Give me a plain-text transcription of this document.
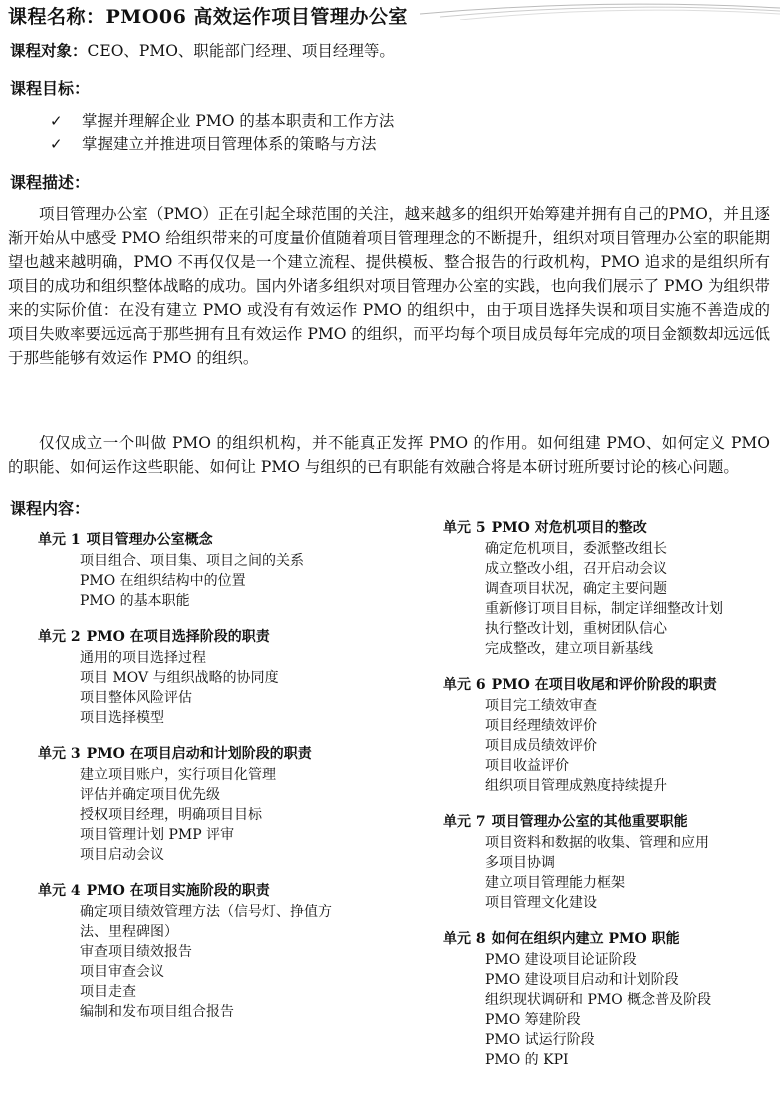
课程名称：PMO06 高效运作项目管理办公室
课程对象：CEO、PMO、职能部门经理、项目经理等。
课程目标：
✓	掌握并理解企业 PMO 的基本职责和工作方法
✓	掌握建立并推进项目管理体系的策略与方法
课程描述：

项目管理办公室（PMO）正在引起全球范围的关注，越来越多的组织开始筹建并拥有自己的PMO，并且逐渐开始从中感受 PMO 给组织带来的可度量价值随着项目管理理念的不断提升，组织对项目管理办公室的职能期望也越来越明确，PMO 不再仅仅是一个建立流程、提供模板、整合报告的行政机构，PMO 追求的是组织所有项目的成功和组织整体战略的成功。国内外诸多组织对项目管理办公室的实践，也向我们展示了 PMO 为组织带来的实际价值：在没有建立 PMO 或没有有效运作 PMO 的组织中，由于项目选择失误和项目实施不善造成的项目失败率要远远高于那些拥有且有效运作 PMO 的组织，而平均每个项目成员每年完成的项目金额数却远远低于那些能够有效运作 PMO 的组织。

仅仅成立一个叫做 PMO 的组织机构，并不能真正发挥 PMO 的作用。如何组建 PMO、如何定义 PMO 的职能、如何运作这些职能、如何让 PMO 与组织的已有职能有效融合将是本研讨班所要讨论的核心问题。

课程内容：
单元 1 项目管理办公室概念
项目组合、项目集、项目之间的关系
PMO 在组织结构中的位置
PMO 的基本职能
单元 2 PMO 在项目选择阶段的职责
通用的项目选择过程
项目 MOV 与组织战略的协同度
项目整体风险评估
项目选择模型
单元 3 PMO 在项目启动和计划阶段的职责
建立项目账户，实行项目化管理
评估并确定项目优先级
授权项目经理，明确项目目标
项目管理计划 PMP 评审
项目启动会议
单元 4 PMO 在项目实施阶段的职责
确定项目绩效管理方法（信号灯、挣值方法、里程碑图）
审查项目绩效报告
项目审查会议
项目走查
编制和发布项目组合报告
单元 5 PMO 对危机项目的整改
确定危机项目，委派整改组长
成立整改小组，召开启动会议
调查项目状况，确定主要问题
重新修订项目目标，制定详细整改计划
执行整改计划，重树团队信心
完成整改，建立项目新基线
单元 6 PMO 在项目收尾和评价阶段的职责
项目完工绩效审查
项目经理绩效评价
项目成员绩效评价
项目收益评价
组织项目管理成熟度持续提升
单元 7 项目管理办公室的其他重要职能
项目资料和数据的收集、管理和应用
多项目协调
建立项目管理能力框架
项目管理文化建设
单元 8 如何在组织内建立 PMO 职能
PMO 建设项目论证阶段
PMO 建设项目启动和计划阶段
组织现状调研和 PMO 概念普及阶段
PMO 筹建阶段
PMO 试运行阶段
PMO 的 KPI
